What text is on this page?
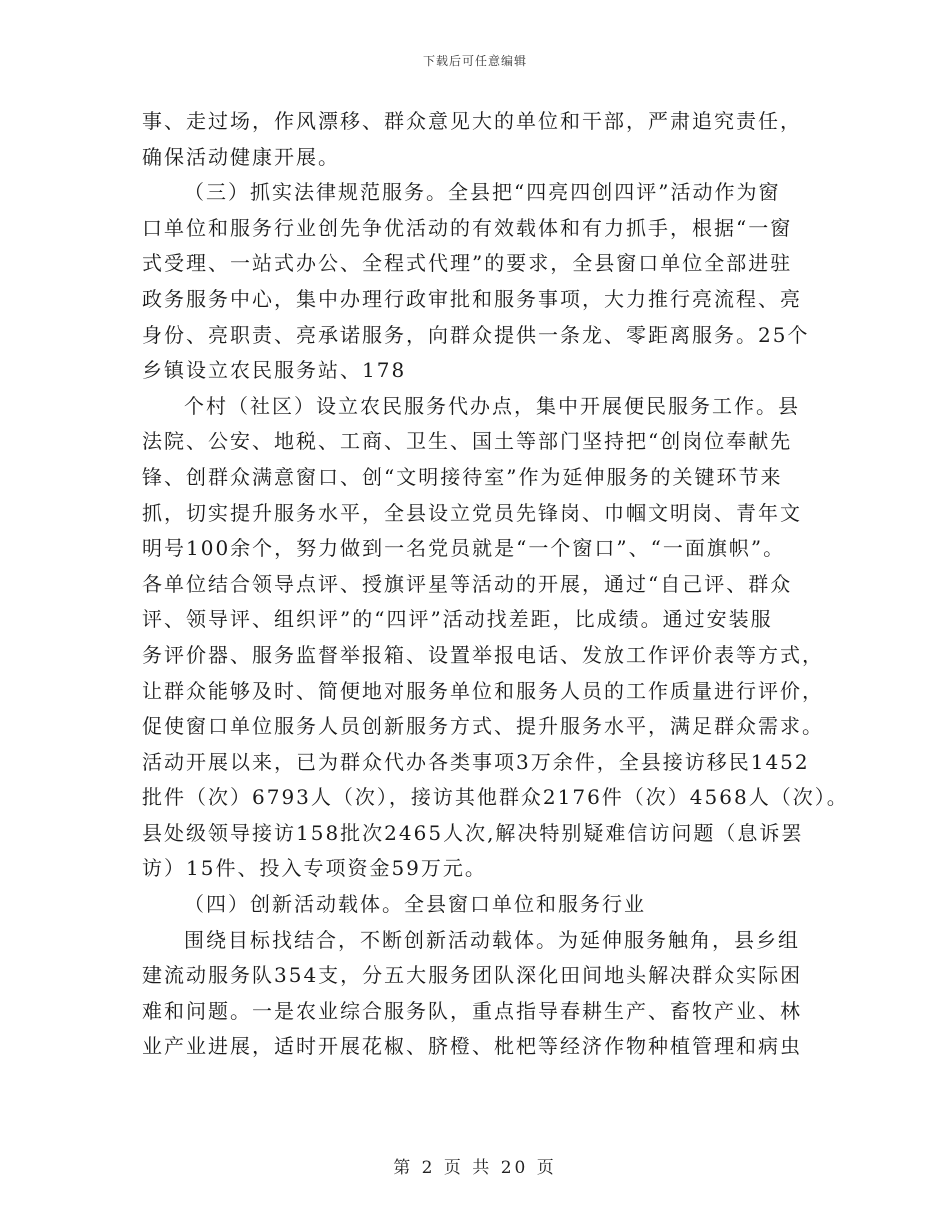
下载后可任意编辑
事、走过场，作风漂移、群众意见大的单位和干部，严肃追究责任，
确保活动健康开展。
（三）抓实法律规范服务。全县把“四亮四创四评”活动作为窗
口单位和服务行业创先争优活动的有效载体和有力抓手，根据“一窗
式受理、一站式办公、全程式代理”的要求，全县窗口单位全部进驻
政务服务中心，集中办理行政审批和服务事项，大力推行亮流程、亮
身份、亮职责、亮承诺服务，向群众提供一条龙、零距离服务。25个
乡镇设立农民服务站、178
个村（社区）设立农民服务代办点，集中开展便民服务工作。县
法院、公安、地税、工商、卫生、国土等部门坚持把“创岗位奉献先
锋、创群众满意窗口、创“文明接待室”作为延伸服务的关键环节来
抓，切实提升服务水平，全县设立党员先锋岗、巾帼文明岗、青年文
明号100余个，努力做到一名党员就是“一个窗口”、“一面旗帜”。
各单位结合领导点评、授旗评星等活动的开展，通过“自己评、群众
评、领导评、组织评”的“四评”活动找差距，比成绩。通过安装服
务评价器、服务监督举报箱、设置举报电话、发放工作评价表等方式，
让群众能够及时、简便地对服务单位和服务人员的工作质量进行评价，
促使窗口单位服务人员创新服务方式、提升服务水平，满足群众需求。
活动开展以来，已为群众代办各类事项3万余件，全县接访移民1452
批件（次）6793人（次），接访其他群众2176件（次）4568人（次）。
县处级领导接访158批次2465人次,解决特别疑难信访问题（息诉罢
访）15件、投入专项资金59万元。
（四）创新活动载体。全县窗口单位和服务行业
围绕目标找结合，不断创新活动载体。为延伸服务触角，县乡组
建流动服务队354支，分五大服务团队深化田间地头解决群众实际困
难和问题。一是农业综合服务队，重点指导春耕生产、畜牧产业、林
业产业进展，适时开展花椒、脐橙、枇杷等经济作物种植管理和病虫
第 2 页 共 20 页
